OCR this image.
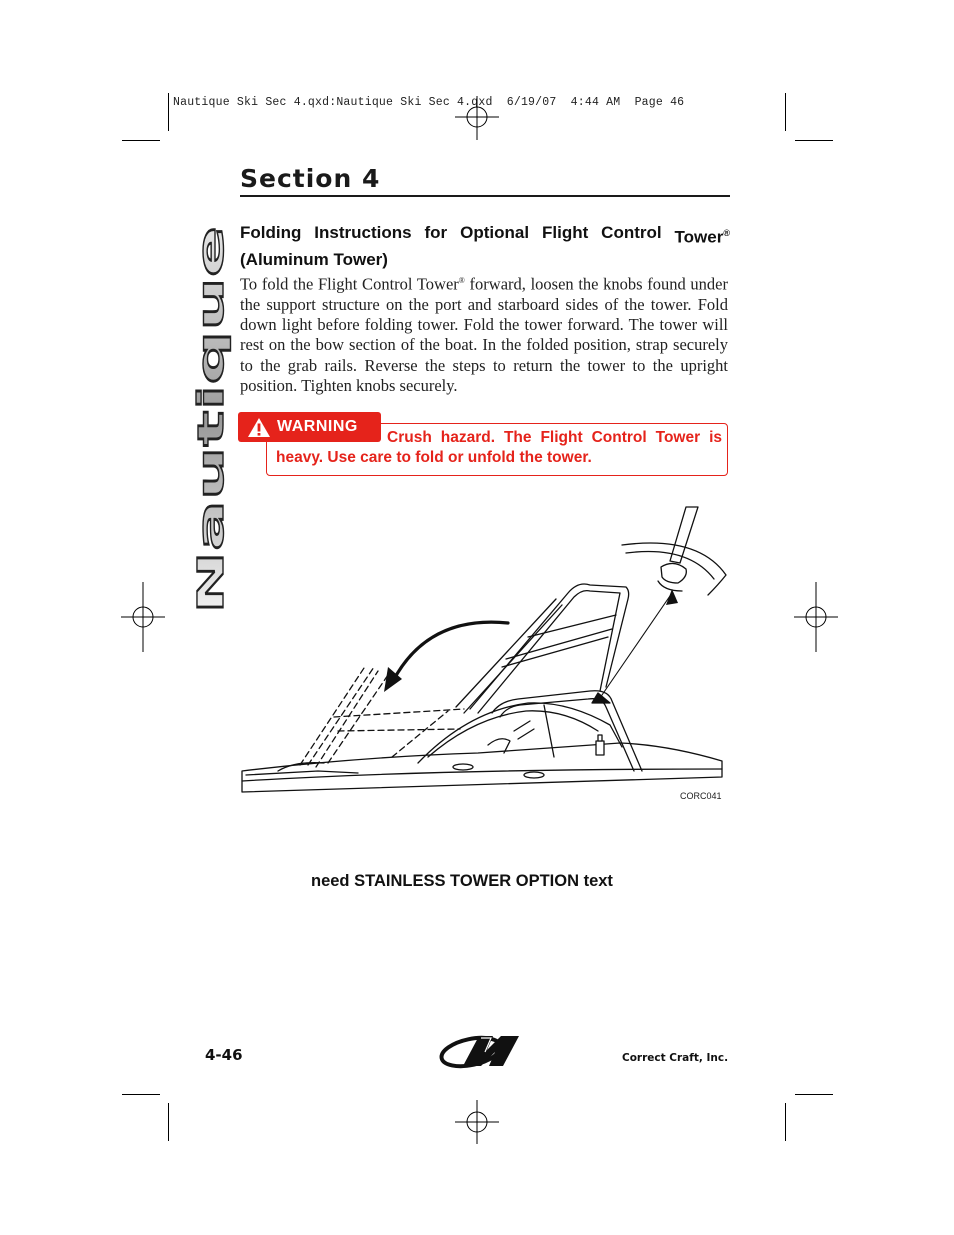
Nautique Ski Sec 4.qxd:Nautique Ski Sec 4.qxd  6/19/07  4:44 AM  Page 46
Section 4
Nautique
Folding Instructions for Optional Flight Control Tower®
(Aluminum Tower)
To fold the Flight Control Tower® forward, loosen the knobs found under the support structure on the port and starboard sides of the tower. Fold down light before folding tower. Fold the tower forward. The tower will rest on the bow section of the boat. In the folded position, strap securely to the grab rails. Reverse the steps to return the tower to the upright position. Tighten knobs securely.
WARNING
Crush hazard. The Flight Control Tower is
heavy. Use care to fold or unfold the tower.
CORC041
need STAINLESS TOWER OPTION text
4-46	Correct Craft, Inc.
